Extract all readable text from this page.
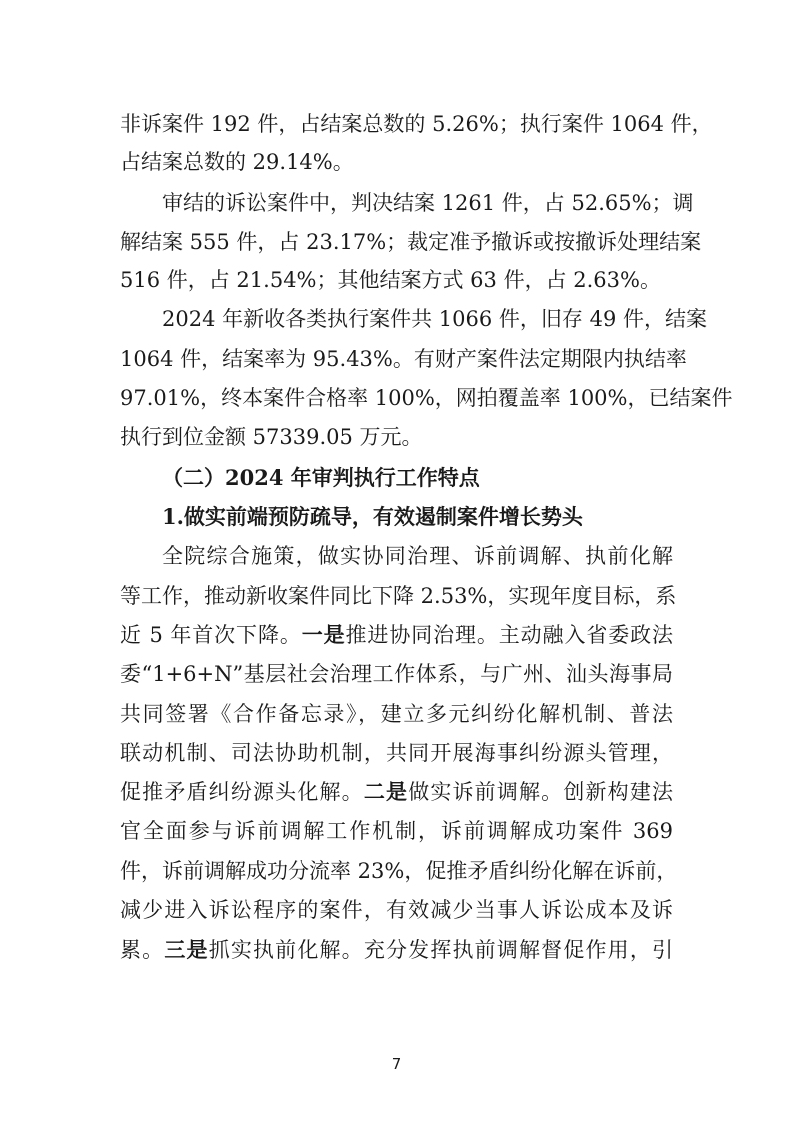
非诉案件 192 件，占结案总数的 5.26%；执行案件 1064 件，
占结案总数的 29.14%。
审结的诉讼案件中，判决结案 1261 件，占 52.65%；调
解结案 555 件，占 23.17%；裁定准予撤诉或按撤诉处理结案
516 件，占 21.54%；其他结案方式 63 件，占 2.63%。
2024 年新收各类执行案件共 1066 件，旧存 49 件，结案
1064 件，结案率为 95.43%。有财产案件法定期限内执结率
97.01%，终本案件合格率 100%，网拍覆盖率 100%，已结案件
执行到位金额 57339.05 万元。
（二）2024 年审判执行工作特点
1.做实前端预防疏导，有效遏制案件增长势头
全院综合施策，做实协同治理、诉前调解、执前化解
等工作，推动新收案件同比下降 2.53%，实现年度目标，系
近 5 年首次下降。一是推进协同治理。主动融入省委政法
委“1+6+N”基层社会治理工作体系，与广州、汕头海事局
共同签署《合作备忘录》，建立多元纠纷化解机制、普法
联动机制、司法协助机制，共同开展海事纠纷源头管理，
促推矛盾纠纷源头化解。二是做实诉前调解。创新构建法
官全面参与诉前调解工作机制，诉前调解成功案件 369
件，诉前调解成功分流率 23%，促推矛盾纠纷化解在诉前，
减少进入诉讼程序的案件，有效减少当事人诉讼成本及诉
累。三是抓实执前化解。充分发挥执前调解督促作用，引
7
